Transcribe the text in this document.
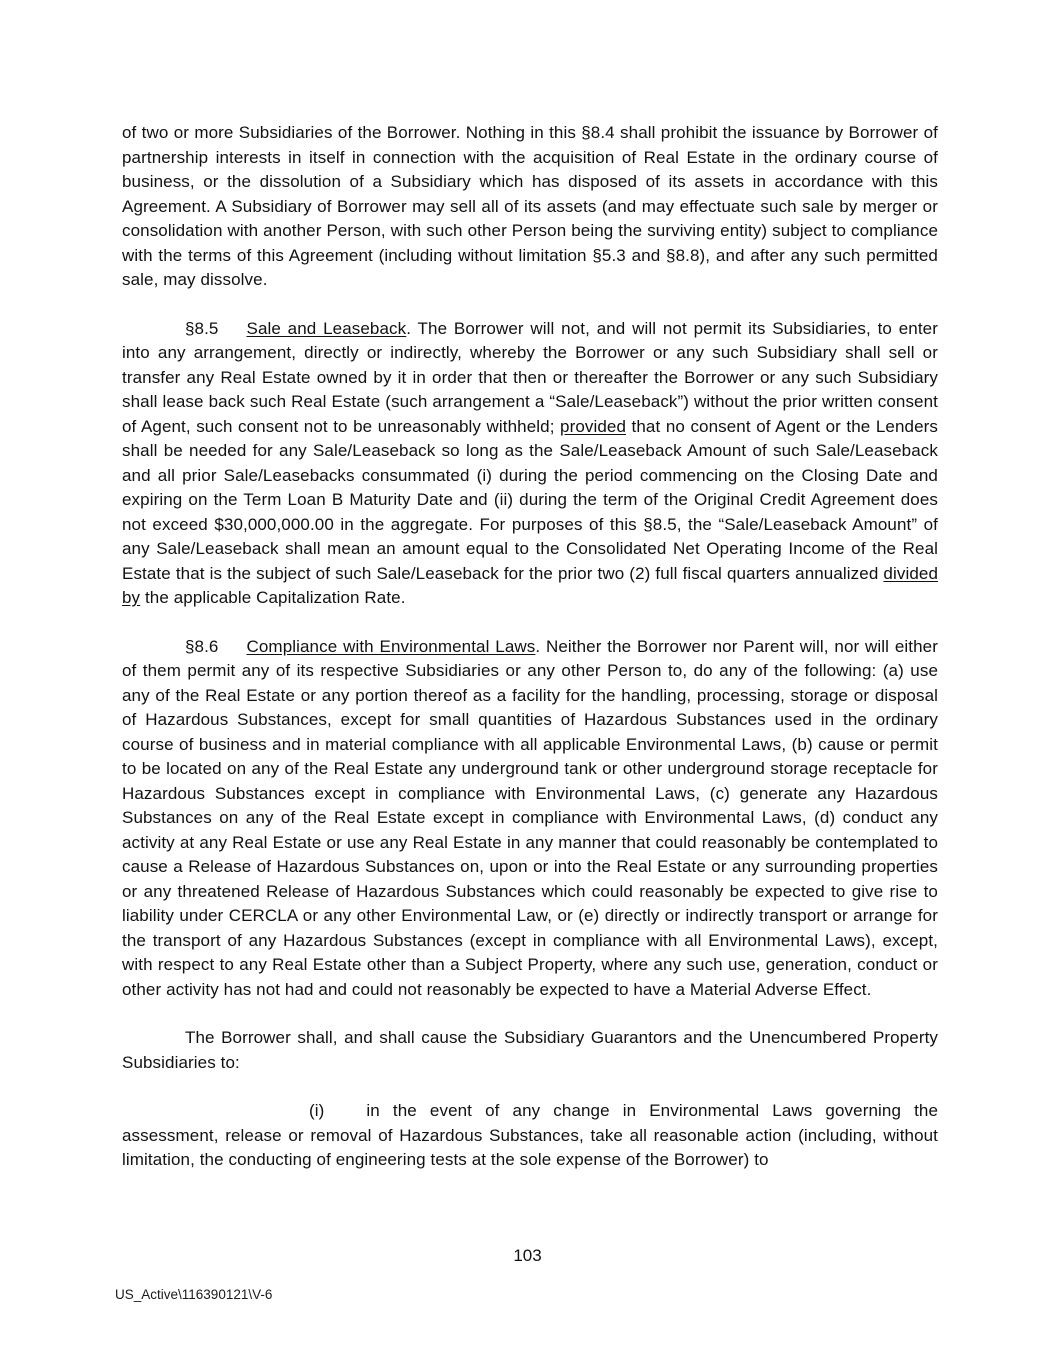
of two or more Subsidiaries of the Borrower. Nothing in this §8.4 shall prohibit the issuance by Borrower of partnership interests in itself in connection with the acquisition of Real Estate in the ordinary course of business, or the dissolution of a Subsidiary which has disposed of its assets in accordance with this Agreement. A Subsidiary of Borrower may sell all of its assets (and may effectuate such sale by merger or consolidation with another Person, with such other Person being the surviving entity) subject to compliance with the terms of this Agreement (including without limitation §5.3 and §8.8), and after any such permitted sale, may dissolve.

§8.5 Sale and Leaseback. The Borrower will not, and will not permit its Subsidiaries, to enter into any arrangement, directly or indirectly, whereby the Borrower or any such Subsidiary shall sell or transfer any Real Estate owned by it in order that then or thereafter the Borrower or any such Subsidiary shall lease back such Real Estate (such arrangement a “Sale/Leaseback”) without the prior written consent of Agent, such consent not to be unreasonably withheld; provided that no consent of Agent or the Lenders shall be needed for any Sale/Leaseback so long as the Sale/Leaseback Amount of such Sale/Leaseback and all prior Sale/Leasebacks consummated (i) during the period commencing on the Closing Date and expiring on the Term Loan B Maturity Date and (ii) during the term of the Original Credit Agreement does not exceed $30,000,000.00 in the aggregate. For purposes of this §8.5, the “Sale/Leaseback Amount” of any Sale/Leaseback shall mean an amount equal to the Consolidated Net Operating Income of the Real Estate that is the subject of such Sale/Leaseback for the prior two (2) full fiscal quarters annualized divided by the applicable Capitalization Rate.

§8.6 Compliance with Environmental Laws. Neither the Borrower nor Parent will, nor will either of them permit any of its respective Subsidiaries or any other Person to, do any of the following: (a) use any of the Real Estate or any portion thereof as a facility for the handling, processing, storage or disposal of Hazardous Substances, except for small quantities of Hazardous Substances used in the ordinary course of business and in material compliance with all applicable Environmental Laws, (b) cause or permit to be located on any of the Real Estate any underground tank or other underground storage receptacle for Hazardous Substances except in compliance with Environmental Laws, (c) generate any Hazardous Substances on any of the Real Estate except in compliance with Environmental Laws, (d) conduct any activity at any Real Estate or use any Real Estate in any manner that could reasonably be contemplated to cause a Release of Hazardous Substances on, upon or into the Real Estate or any surrounding properties or any threatened Release of Hazardous Substances which could reasonably be expected to give rise to liability under CERCLA or any other Environmental Law, or (e) directly or indirectly transport or arrange for the transport of any Hazardous Substances (except in compliance with all Environmental Laws), except, with respect to any Real Estate other than a Subject Property, where any such use, generation, conduct or other activity has not had and could not reasonably be expected to have a Material Adverse Effect.

The Borrower shall, and shall cause the Subsidiary Guarantors and the Unencumbered Property Subsidiaries to:

(i) in the event of any change in Environmental Laws governing the assessment, release or removal of Hazardous Substances, take all reasonable action (including, without limitation, the conducting of engineering tests at the sole expense of the Borrower) to

103
US_Active\116390121\V-6
